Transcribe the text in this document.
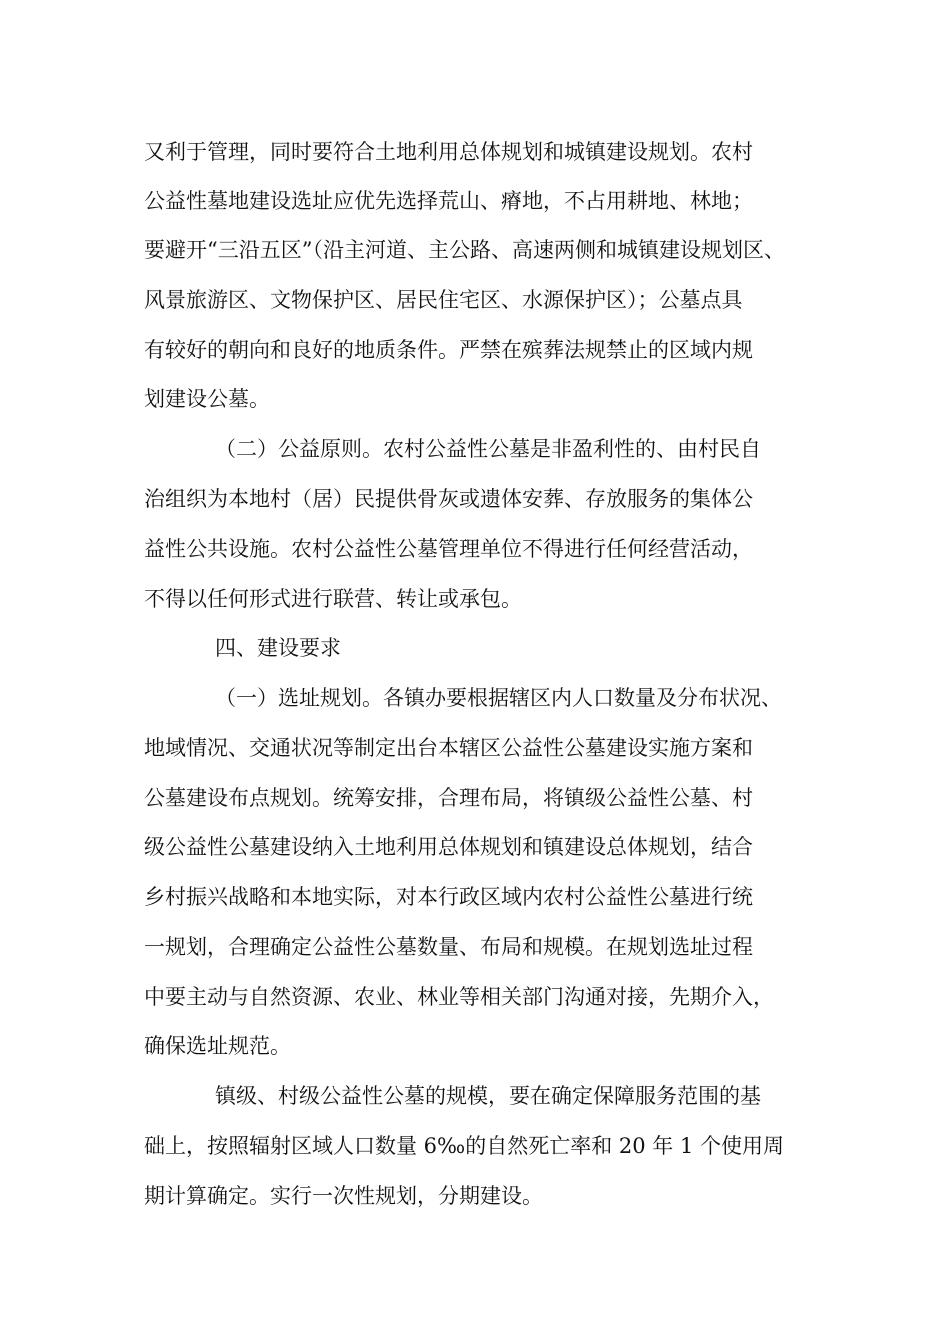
又利于管理，同时要符合土地利用总体规划和城镇建设规划。农村
公益性墓地建设选址应优先选择荒山、瘠地，不占用耕地、林地；
要避开“三沿五区”（沿主河道、主公路、高速两侧和城镇建设规划区、
风景旅游区、文物保护区、居民住宅区、水源保护区）；公墓点具
有较好的朝向和良好的地质条件。严禁在殡葬法规禁止的区域内规
划建设公墓。
（二）公益原则。农村公益性公墓是非盈利性的、由村民自
治组织为本地村（居）民提供骨灰或遗体安葬、存放服务的集体公
益性公共设施。农村公益性公墓管理单位不得进行任何经营活动，
不得以任何形式进行联营、转让或承包。
四、建设要求
（一）选址规划。各镇办要根据辖区内人口数量及分布状况、
地域情况、交通状况等制定出台本辖区公益性公墓建设实施方案和
公墓建设布点规划。统筹安排，合理布局，将镇级公益性公墓、村
级公益性公墓建设纳入土地利用总体规划和镇建设总体规划，结合
乡村振兴战略和本地实际，对本行政区域内农村公益性公墓进行统
一规划，合理确定公益性公墓数量、布局和规模。在规划选址过程
中要主动与自然资源、农业、林业等相关部门沟通对接，先期介入，
确保选址规范。
镇级、村级公益性公墓的规模，要在确定保障服务范围的基
础上，按照辐射区域人口数量 6‰的自然死亡率和 20 年 1 个使用周
期计算确定。实行一次性规划，分期建设。
